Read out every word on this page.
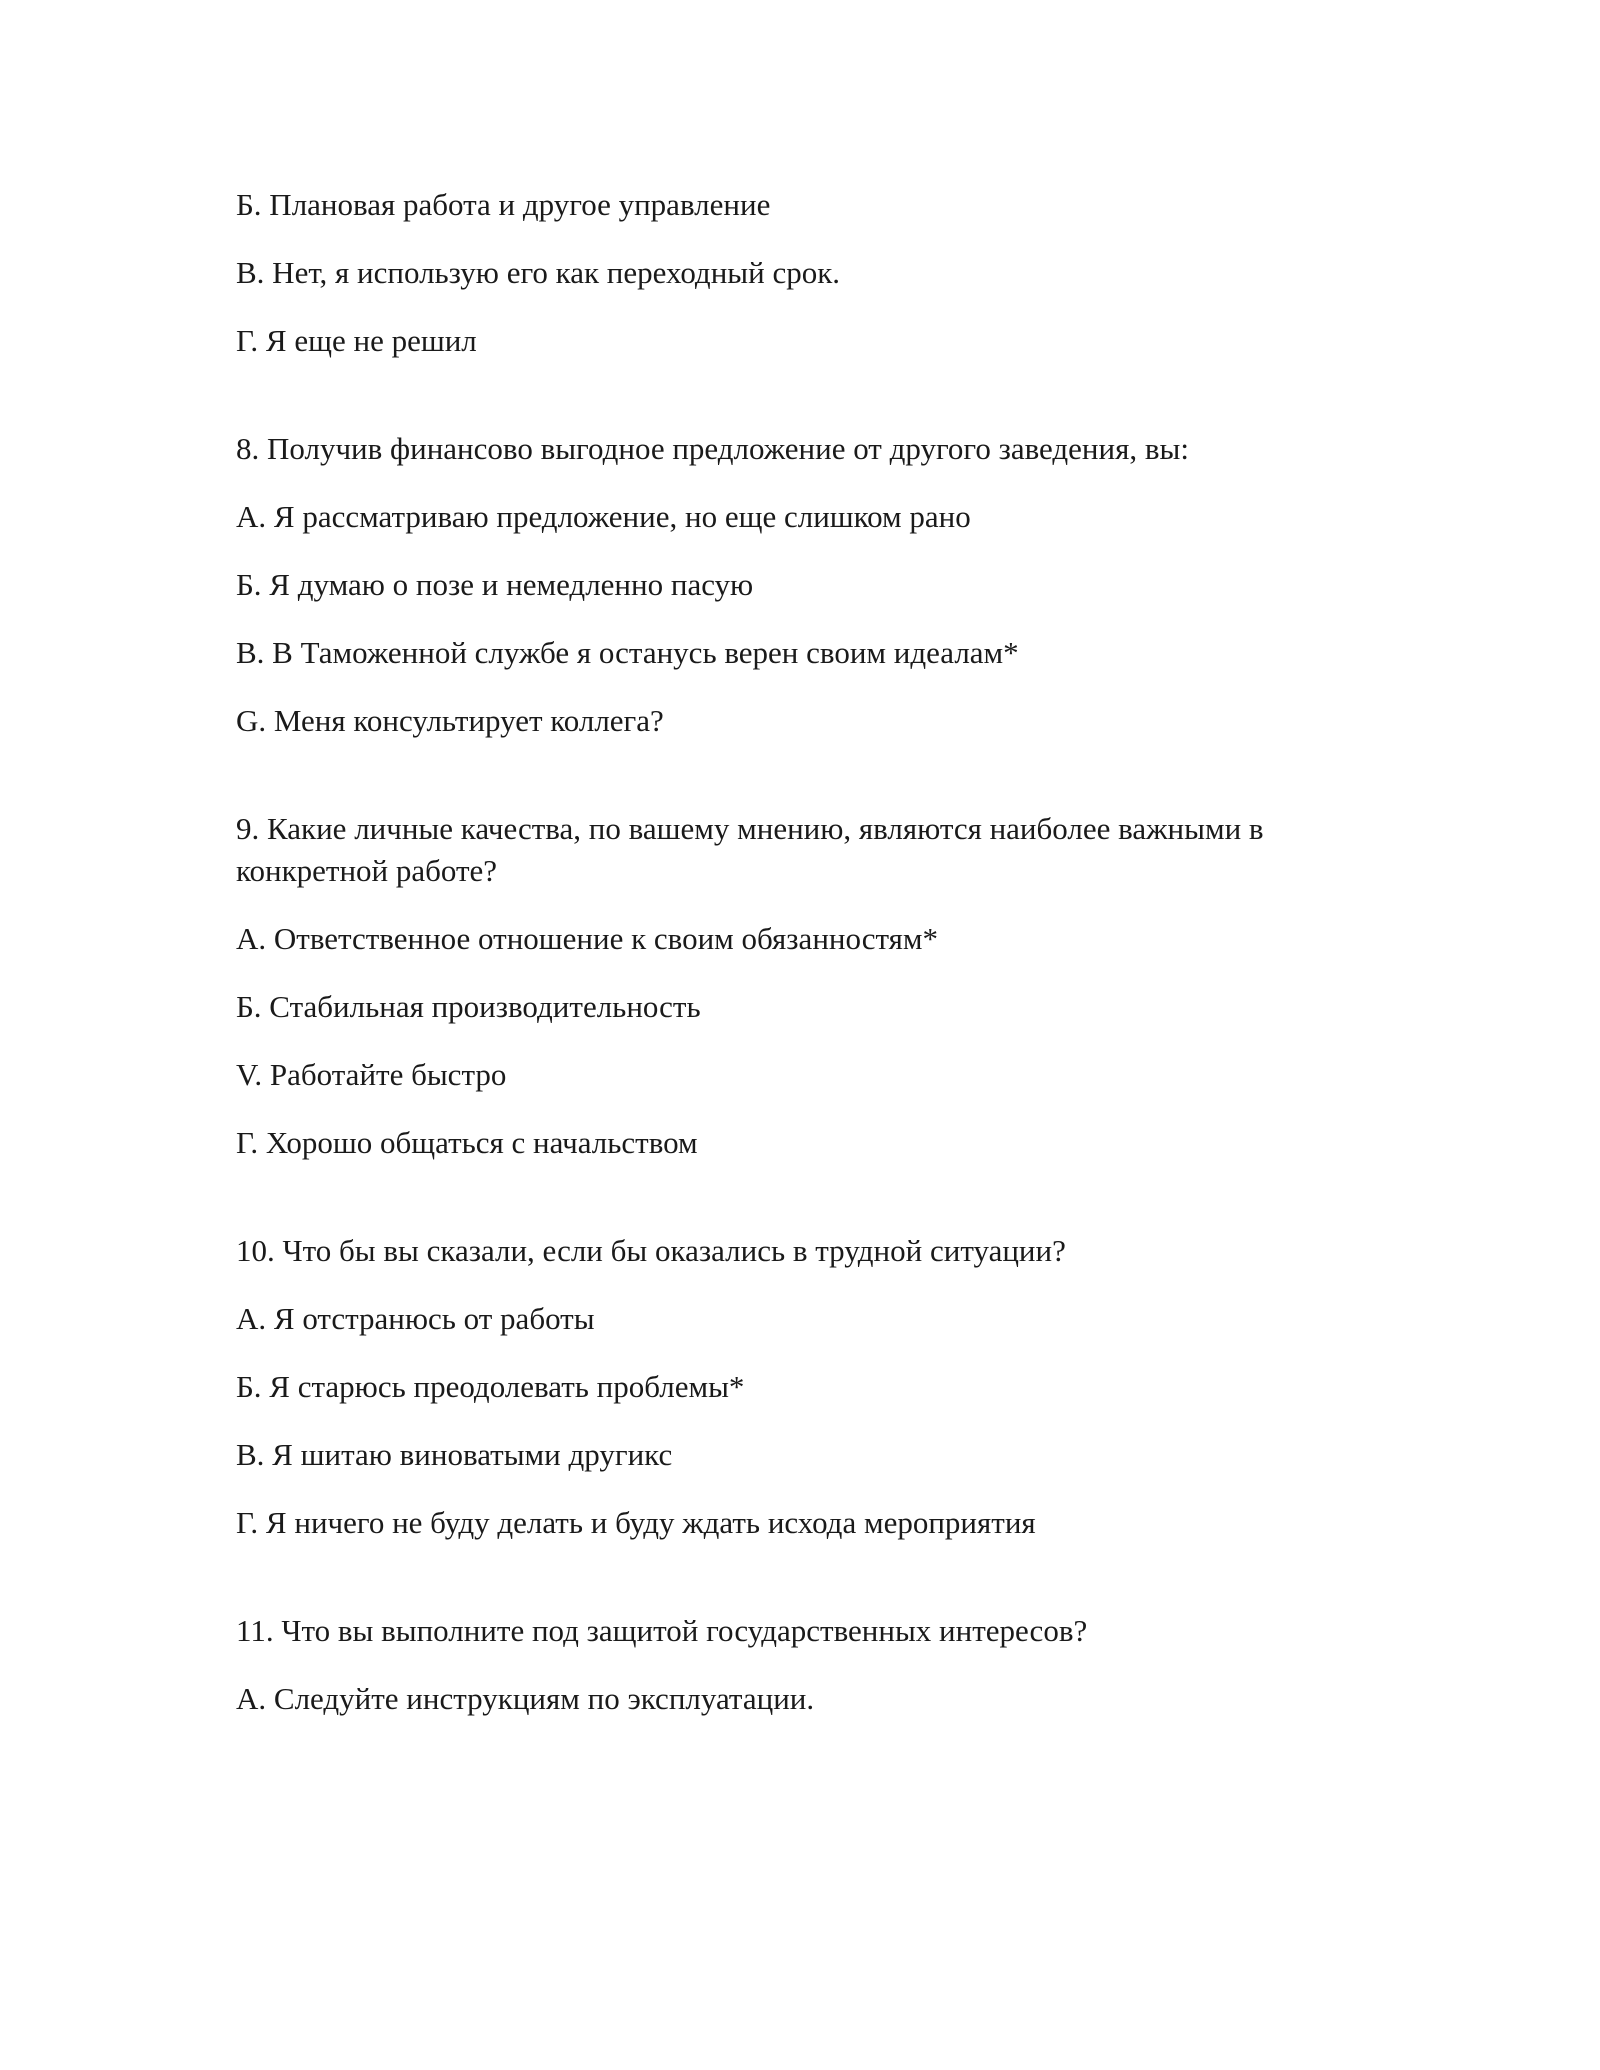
Б. Плановая работа и другое управление
В. Нет, я использую его как переходный срок.
Г. Я еще не решил
8. Получив финансово выгодное предложение от другого заведения, вы:
А. Я рассматриваю предложение, но еще слишком рано
Б. Я думаю о позе и немедленно пасую
В. В Таможенной службе я останусь верен своим идеалам*
G. Меня консультирует коллега?
9. Какие личные качества, по вашему мнению, являются наиболее важными в конкретной работе?
А. Ответственное отношение к своим обязанностям*
Б. Стабильная производительность
V. Работайте быстро
Г. Хорошо общаться с начальством
10. Что бы вы сказали, если бы оказались в трудной ситуации?
А. Я отстранюсь от работы
Б. Я старюсь преодолевать проблемы*
В. Я шитаю виноватыми другикс
Г. Я ничего не буду делать и буду ждать исхода мероприятия
11. Что вы выполните под защитой государственных интересов?
А. Следуйте инструкциям по эксплуатации.
